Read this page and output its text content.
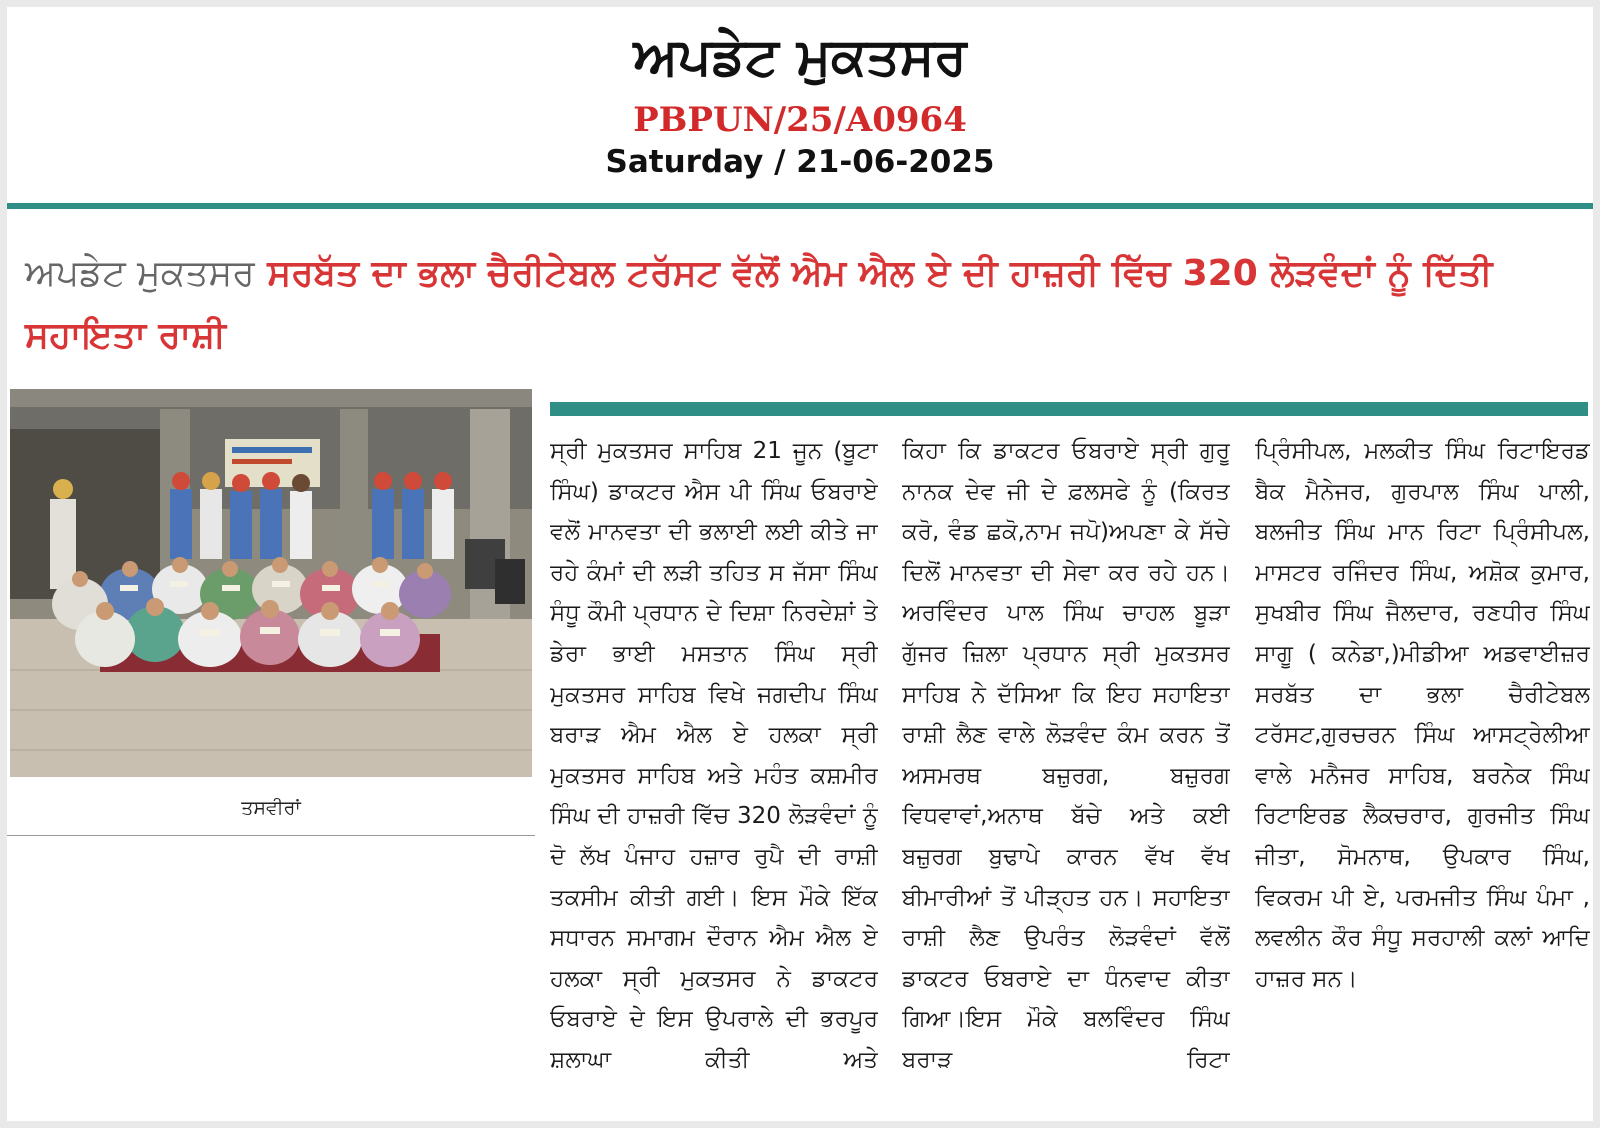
ਅਪਡੇਟ ਮੁਕਤਸਰ
PBPUN/25/A0964
Saturday / 21-06-2025
ਅਪਡੇਟ ਮੁਕਤਸਰ ਸਰਬੱਤ ਦਾ ਭਲਾ ਚੈਰੀਟੇਬਲ ਟਰੱਸਟ ਵੱਲੋਂ ਐਮ ਐਲ ਏ ਦੀ ਹਾਜ਼ਰੀ ਵਿੱਚ 320 ਲੋੜਵੰਦਾਂ ਨੂੰ ਦਿੱਤੀ ਸਹਾਇਤਾ ਰਾਸ਼ੀ
ਤਸਵੀਰਾਂ
ਸ੍ਰੀ ਮੁਕਤਸਰ ਸਾਹਿਬ 21 ਜੂਨ (ਬੂਟਾ ਸਿੰਘ) ਡਾਕਟਰ ਐਸ ਪੀ ਸਿੰਘ ਓਬਰਾਏ ਵਲੋਂ ਮਾਨਵਤਾ ਦੀ ਭਲਾਈ ਲਈ ਕੀਤੇ ਜਾ ਰਹੇ ਕੰਮਾਂ ਦੀ ਲੜੀ ਤਹਿਤ ਸ ਜੱਸਾ ਸਿੰਘ ਸੰਧੂ ਕੌਮੀ ਪ੍ਰਧਾਨ ਦੇ ਦਿਸ਼ਾ ਨਿਰਦੇਸ਼ਾਂ ਤੇ ਡੇਰਾ ਭਾਈ ਮਸਤਾਨ ਸਿੰਘ ਸ੍ਰੀ ਮੁਕਤਸਰ ਸਾਹਿਬ ਵਿਖੇ ਜਗਦੀਪ ਸਿੰਘ ਬਰਾੜ ਐਮ ਐਲ ਏ ਹਲਕਾ ਸ੍ਰੀ ਮੁਕਤਸਰ ਸਾਹਿਬ ਅਤੇ ਮਹੰਤ ਕਸ਼ਮੀਰ ਸਿੰਘ ਦੀ ਹਾਜ਼ਰੀ ਵਿੱਚ 320 ਲੋੜਵੰਦਾਂ ਨੂੰ ਦੋ ਲੱਖ ਪੰਜਾਹ ਹਜ਼ਾਰ ਰੁਪੈ ਦੀ ਰਾਸ਼ੀ ਤਕਸੀਮ ਕੀਤੀ ਗਈ। ਇਸ ਮੌਕੇ ਇੱਕ ਸਧਾਰਨ ਸਮਾਗਮ ਦੌਰਾਨ ਐਮ ਐਲ ਏ ਹਲਕਾ ਸ੍ਰੀ ਮੁਕਤਸਰ ਨੇ ਡਾਕਟਰ ਓਬਰਾਏ ਦੇ ਇਸ ਉਪਰਾਲੇ ਦੀ ਭਰਪੂਰ ਸ਼ਲਾਘਾ ਕੀਤੀ ਅਤੇ
ਕਿਹਾ ਕਿ ਡਾਕਟਰ ਓਬਰਾਏ ਸ੍ਰੀ ਗੁਰੂ ਨਾਨਕ ਦੇਵ ਜੀ ਦੇ ਫ਼ਲਸਫੇ ਨੂੰ (ਕਿਰਤ ਕਰੋ, ਵੰਡ ਛਕੋ,ਨਾਮ ਜਪੋ)ਅਪਣਾ ਕੇ ਸੱਚੇ ਦਿਲੋਂ ਮਾਨਵਤਾ ਦੀ ਸੇਵਾ ਕਰ ਰਹੇ ਹਨ। ਅਰਵਿੰਦਰ ਪਾਲ ਸਿੰਘ ਚਾਹਲ ਬੂੜਾ ਗੁੱਜਰ ਜ਼ਿਲਾ ਪ੍ਰਧਾਨ ਸ੍ਰੀ ਮੁਕਤਸਰ ਸਾਹਿਬ ਨੇ ਦੱਸਿਆ ਕਿ ਇਹ ਸਹਾਇਤਾ ਰਾਸ਼ੀ ਲੈਣ ਵਾਲੇ ਲੋੜਵੰਦ ਕੰਮ ਕਰਨ ਤੋਂ ਅਸਮਰਥ ਬਜ਼ੁਰਗ, ਬਜ਼ੁਰਗ ਵਿਧਵਾਵਾਂ,ਅਨਾਥ ਬੱਚੇ ਅਤੇ ਕਈ ਬਜ਼ੁਰਗ ਬੁਢਾਪੇ ਕਾਰਨ ਵੱਖ ਵੱਖ ਬੀਮਾਰੀਆਂ ਤੋਂ ਪੀੜ੍ਹਤ ਹਨ। ਸਹਾਇਤਾ ਰਾਸ਼ੀ ਲੈਣ ਉਪਰੰਤ ਲੋੜਵੰਦਾਂ ਵੱਲੋਂ ਡਾਕਟਰ ਓਬਰਾਏ ਦਾ ਧੰਨਵਾਦ ਕੀਤਾ ਗਿਆ।ਇਸ ਮੌਕੇ ਬਲਵਿੰਦਰ ਸਿੰਘ ਬਰਾੜ ਰਿਟਾ
ਪ੍ਰਿੰਸੀਪਲ, ਮਲਕੀਤ ਸਿੰਘ ਰਿਟਾਇਰਡ ਬੈਕ ਮੈਨੇਜਰ, ਗੁਰਪਾਲ ਸਿੰਘ ਪਾਲੀ, ਬਲਜੀਤ ਸਿੰਘ ਮਾਨ ਰਿਟਾ ਪ੍ਰਿੰਸੀਪਲ, ਮਾਸਟਰ ਰਜਿੰਦਰ ਸਿੰਘ, ਅਸ਼ੋਕ ਕੁਮਾਰ, ਸੁਖਬੀਰ ਸਿੰਘ ਜੈਲਦਾਰ, ਰਣਧੀਰ ਸਿੰਘ ਸਾਗੂ ( ਕਨੇਡਾ,)ਮੀਡੀਆ ਅਡਵਾਈਜ਼ਰ ਸਰਬੱਤ ਦਾ ਭਲਾ ਚੈਰੀਟੇਬਲ ਟਰੱਸਟ,ਗੁਰਚਰਨ ਸਿੰਘ ਆਸਟ੍ਰੇਲੀਆ ਵਾਲੇ ਮਨੈਜਰ ਸਾਹਿਬ, ਬਰਨੇਕ ਸਿੰਘ ਰਿਟਾਇਰਡ ਲੈਕਚਰਾਰ, ਗੁਰਜੀਤ ਸਿੰਘ ਜੀਤਾ, ਸੋਮਨਾਥ, ਉਪਕਾਰ ਸਿੰਘ, ਵਿਕਰਮ ਪੀ ਏ, ਪਰਮਜੀਤ ਸਿੰਘ ਪੰਮਾ , ਲਵਲੀਨ ਕੌਰ ਸੰਧੂ ਸਰਹਾਲੀ ਕਲਾਂ ਆਦਿ ਹਾਜ਼ਰ ਸਨ।
